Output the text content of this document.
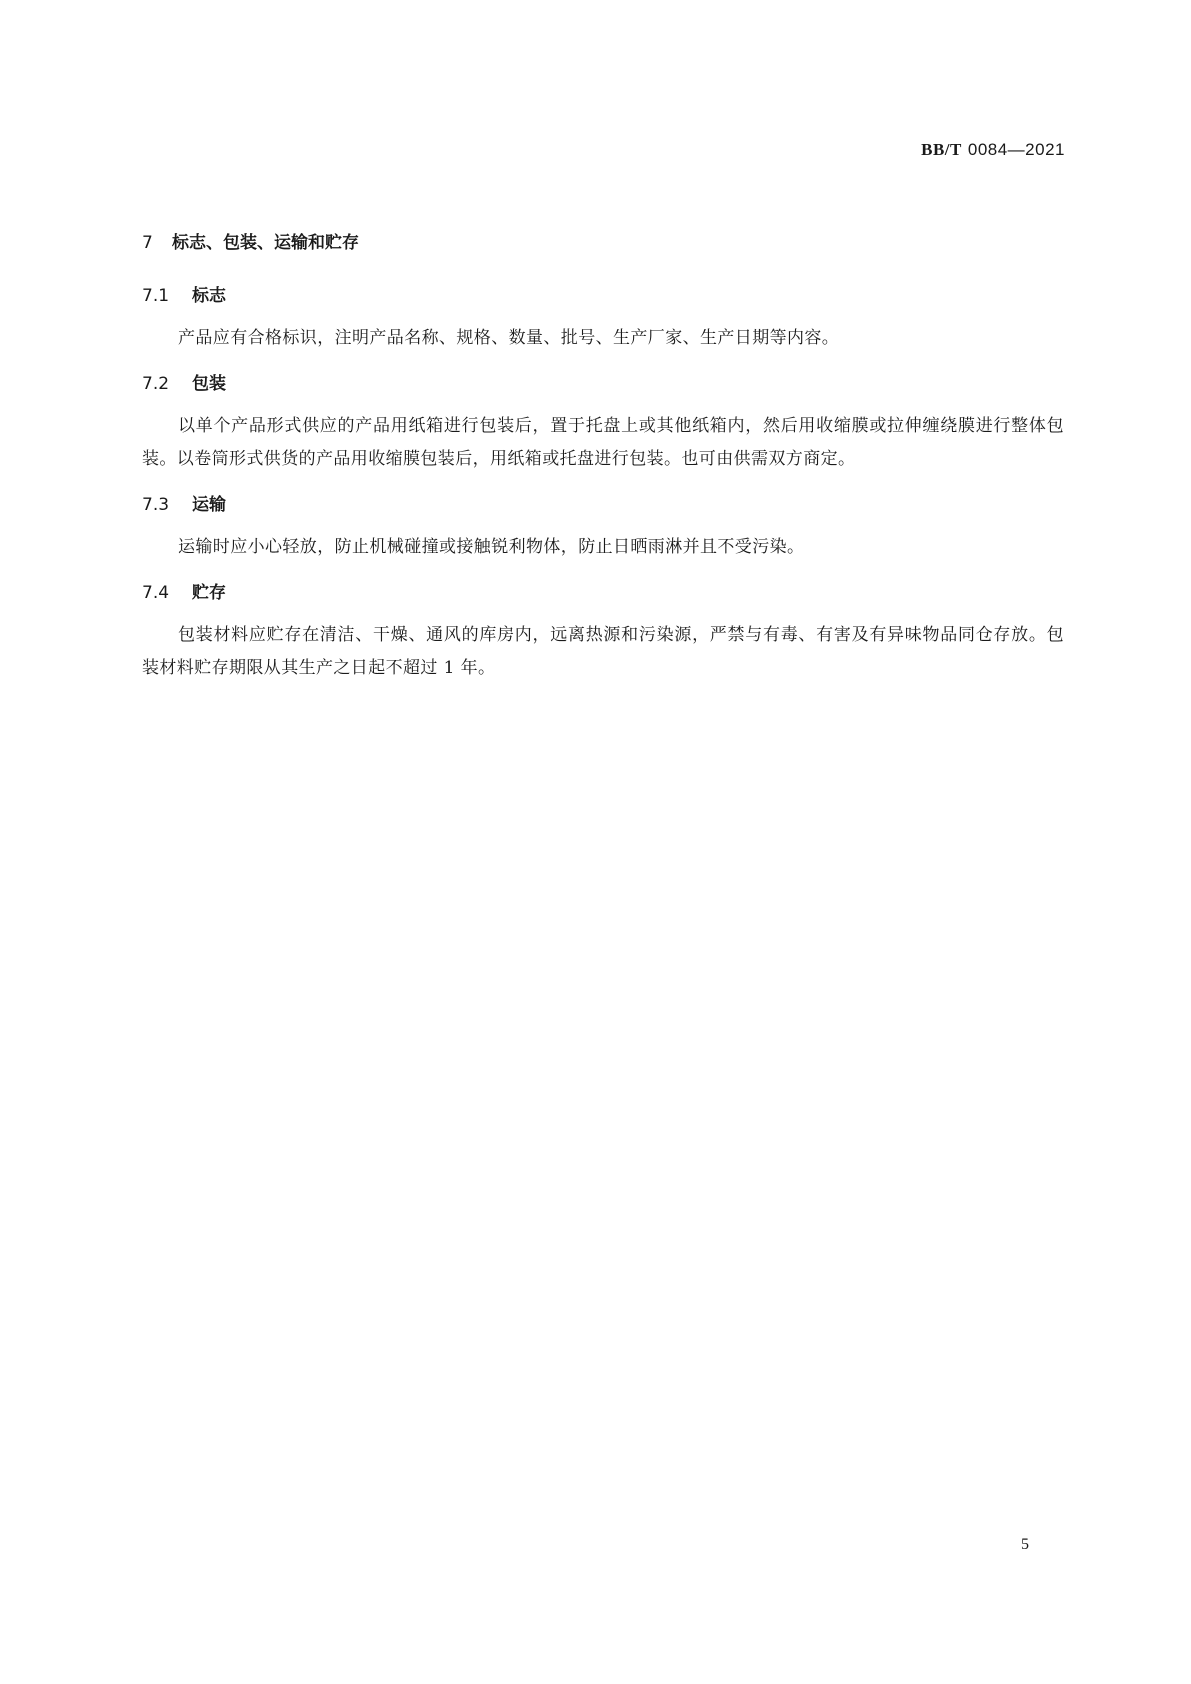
BB/T 0084—2021
7	标志、包装、运输和贮存
7.1	标志

产品应有合格标识，注明产品名称、规格、数量、批号、生产厂家、生产日期等内容。

7.2	包装

以单个产品形式供应的产品用纸箱进行包装后，置于托盘上或其他纸箱内，然后用收缩膜或拉伸缠绕膜进行整体包装。以卷筒形式供货的产品用收缩膜包装后，用纸箱或托盘进行包装。也可由供需双方商定。

7.3	运输

运输时应小心轻放，防止机械碰撞或接触锐利物体，防止日晒雨淋并且不受污染。

7.4	贮存

包装材料应贮存在清洁、干燥、通风的库房内，远离热源和污染源，严禁与有毒、有害及有异味物品同仓存放。包装材料贮存期限从其生产之日起不超过 1 年。

5
